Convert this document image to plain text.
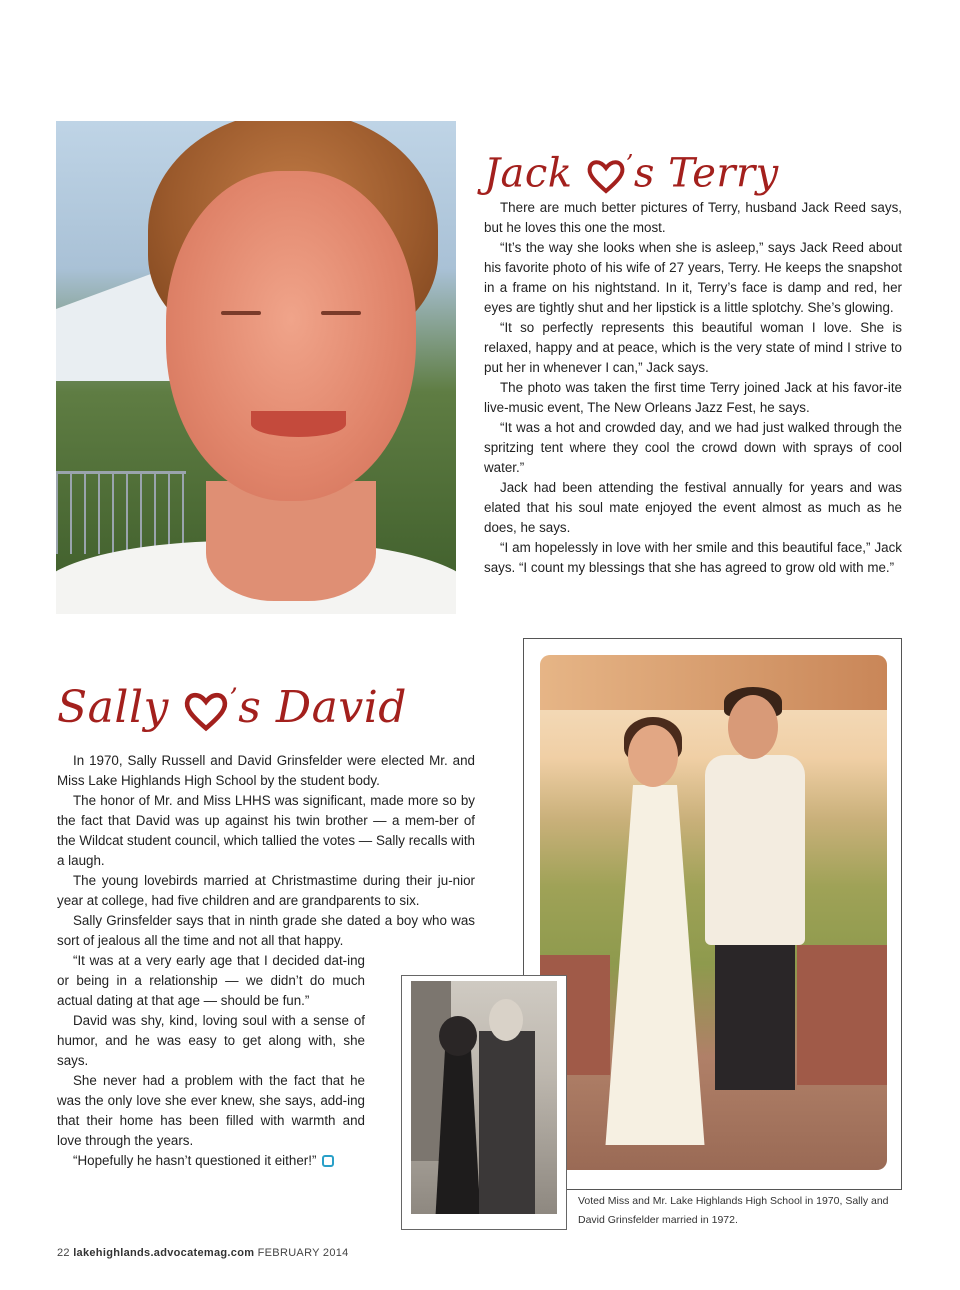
Jack ’s Terry

There are much better pictures of Terry, husband Jack Reed says, but he loves this one the most.

“It’s the way she looks when she is asleep,” says Jack Reed about his favorite photo of his wife of 27 years, Terry. He keeps the snapshot in a frame on his nightstand. In it, Terry’s face is damp and red, her eyes are tightly shut and her lipstick is a little splotchy. She’s glowing.

“It so perfectly represents this beautiful woman I love. She is relaxed, happy and at peace, which is the very state of mind I strive to put her in whenever I can,” Jack says.

The photo was taken the first time Terry joined Jack at his favor-ite live-music event, The New Orleans Jazz Fest, he says.

“It was a hot and crowded day, and we had just walked through the spritzing tent where they cool the crowd down with sprays of cool water.”

Jack had been attending the festival annually for years and was elated that his soul mate enjoyed the event almost as much as he does, he says.

“I am hopelessly in love with her smile and this beautiful face,” Jack says. “I count my blessings that she has agreed to grow old with me.”

Sally ’s David

In 1970, Sally Russell and David Grinsfelder were elected Mr. and Miss Lake Highlands High School by the student body.

The honor of Mr. and Miss LHHS was significant, made more so by the fact that David was up against his twin brother — a mem-ber of the Wildcat student council, which tallied the votes — Sally recalls with a laugh.

The young lovebirds married at Christmastime during their ju-nior year at college, had five children and are grandparents to six.

Sally Grinsfelder says that in ninth grade she dated a boy who was sort of jealous all the time and not all that happy.

“It was at a very early age that I decided dat-ing or being in a relationship — we didn’t do much actual dating at that age — should be fun.”

David was shy, kind, loving soul with a sense of humor, and he was easy to get along with, she says.

She never had a problem with the fact that he was the only love she ever knew, she says, add-ing that their home has been filled with warmth and love through the years.

“Hopefully he hasn’t questioned it either!”

Voted Miss and Mr. Lake Highlands High School in 1970, Sally and David Grinsfelder married in 1972.
22 lakehighlands.advocatemag.com FEBRUARY 2014
